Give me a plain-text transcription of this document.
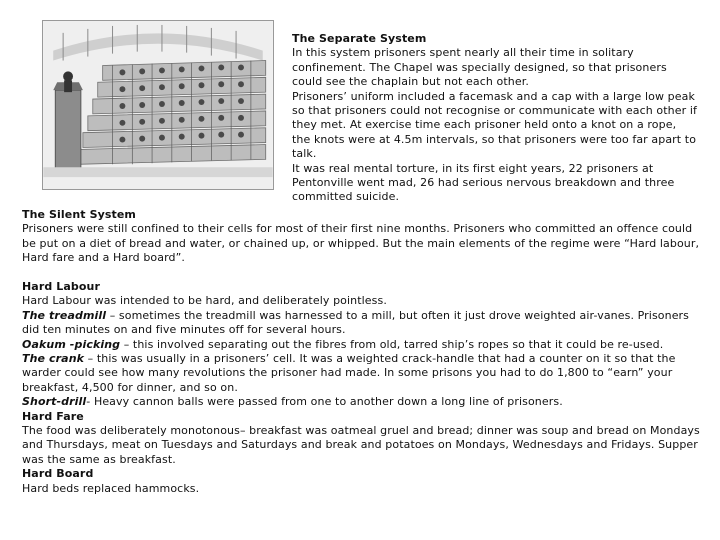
The Separate System

In this system prisoners spent nearly all their time in solitary confinement. The Chapel was specially designed, so that prisoners could see the chaplain but not each other.

Prisoners’ uniform included a facemask and a cap with a large low peak so that prisoners could not recognise or communicate with each other if they met. At exercise time each prisoner held onto a knot on a rope, the knots were at 4.5m intervals, so that prisoners were too far apart to talk.

It was real mental torture, in its first eight years, 22 prisoners at Pentonville went mad, 26 had serious nervous breakdown and three committed suicide.

The Silent System

Prisoners were still confined to their cells for most of their first nine months. Prisoners who committed an offence could be put on a diet of bread and water, or chained up, or whipped. But the main elements of the regime were “Hard labour, Hard fare and a Hard board”.

Hard Labour

Hard Labour was intended to be hard, and deliberately pointless.

The treadmill – sometimes the treadmill was harnessed to a mill, but often it just drove weighted air-vanes. Prisoners did ten minutes on and five minutes off for several hours.

Oakum -picking – this involved separating out the fibres from old, tarred ship’s ropes so that it could be re-used.

The crank – this was usually in a prisoners’ cell. It was a weighted crack-handle that had a counter on it so that the warder could see how many revolutions the prisoner had made. In some prisons you had to do 1,800 to “earn” your breakfast, 4,500 for dinner, and so on.

Short-drill- Heavy cannon balls were passed from one to another down a long line of prisoners.

Hard Fare

The food was deliberately monotonous– breakfast was oatmeal gruel and bread; dinner was soup and bread on Mondays and Thursdays, meat on Tuesdays and Saturdays and break and potatoes on Mondays, Wednesdays and Fridays. Supper was the same as breakfast.

Hard Board

Hard beds replaced hammocks.
